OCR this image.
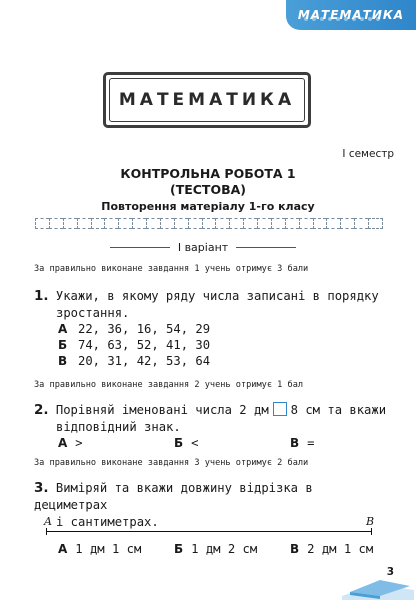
МАТЕМАТИКА
МАТЕМАТИКА
І семестр
КОНТРОЛЬНА РОБОТА 1
(ТЕСТОВА)
Повторення матеріалу 1-го класу
І варіант
За правильно виконане завдання 1 учень отримує 3 бали
1. Укажи, в якому ряду числа записані в порядку
зростання.
А 22, 36, 16, 54, 29
Б 74, 63, 52, 41, 30
В 20, 31, 42, 53, 64
За правильно виконане завдання 2 учень отримує 1 бал
2. Порівняй іменовані числа 2 дм 8 см та вкажи
відповідний знак.
А >	Б <	В =
За правильно виконане завдання 3 учень отримує 2 бали
3. Виміряй та вкажи довжину відрізка в дециметрах
і сантиметрах.
A	B
А 1 дм 1 см	Б 1 дм 2 см	В 2 дм 1 см
3
